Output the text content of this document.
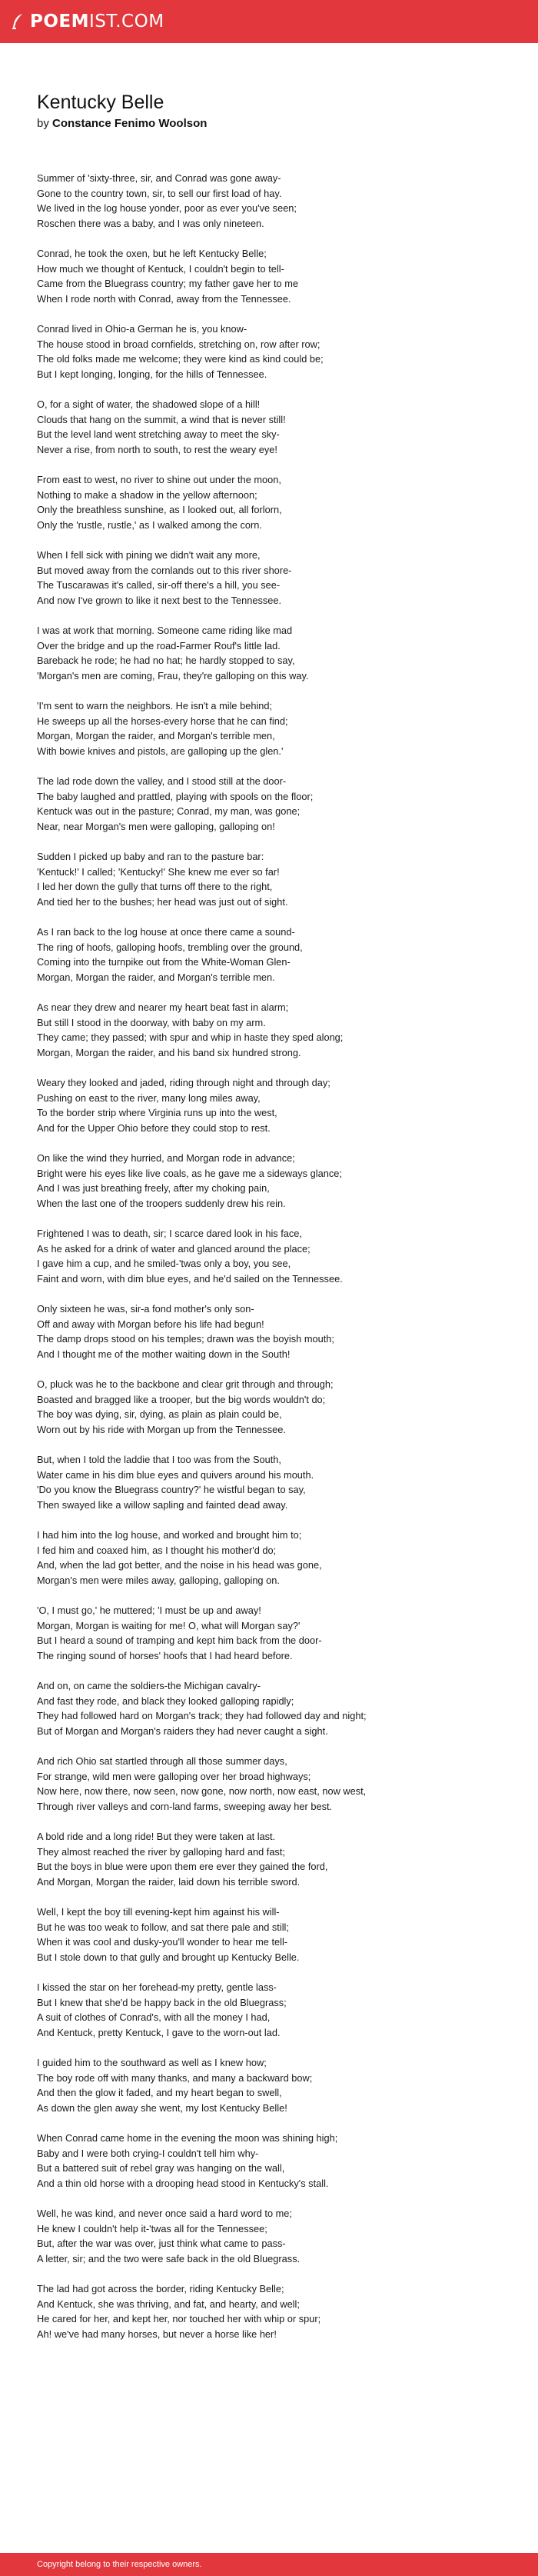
POEM IST.COM
Kentucky Belle
by Constance Fenimo Woolson
Summer of 'sixty-three, sir, and Conrad was gone away-
Gone to the country town, sir, to sell our first load of hay.
We lived in the log house yonder, poor as ever you've seen;
Roschen there was a baby, and I was only nineteen.
Conrad, he took the oxen, but he left Kentucky Belle;
How much we thought of Kentuck, I couldn't begin to tell-
Came from the Bluegrass country; my father gave her to me
When I rode north with Conrad, away from the Tennessee.
Conrad lived in Ohio-a German he is, you know-
The house stood in broad cornfields, stretching on, row after row;
The old folks made me welcome; they were kind as kind could be;
But I kept longing, longing, for the hills of Tennessee.
O, for a sight of water, the shadowed slope of a hill!
Clouds that hang on the summit, a wind that is never still!
But the level land went stretching away to meet the sky-
Never a rise, from north to south, to rest the weary eye!
From east to west, no river to shine out under the moon,
Nothing to make a shadow in the yellow afternoon;
Only the breathless sunshine, as I looked out, all forlorn,
Only the 'rustle, rustle,' as I walked among the corn.
When I fell sick with pining we didn't wait any more,
But moved away from the cornlands out to this river shore-
The Tuscarawas it's called, sir-off there's a hill, you see-
And now I've grown to like it next best to the Tennessee.
I was at work that morning. Someone came riding like mad
Over the bridge and up the road-Farmer Rouf's little lad.
Bareback he rode; he had no hat; he hardly stopped to say,
'Morgan's men are coming, Frau, they're galloping on this way.
'I'm sent to warn the neighbors. He isn't a mile behind;
He sweeps up all the horses-every horse that he can find;
Morgan, Morgan the raider, and Morgan's terrible men,
With bowie knives and pistols, are galloping up the glen.'
The lad rode down the valley, and I stood still at the door-
The baby laughed and prattled, playing with spools on the floor;
Kentuck was out in the pasture; Conrad, my man, was gone;
Near, near Morgan's men were galloping, galloping on!
Sudden I picked up baby and ran to the pasture bar:
'Kentuck!' I called; 'Kentucky!' She knew me ever so far!
I led her down the gully that turns off there to the right,
And tied her to the bushes; her head was just out of sight.
As I ran back to the log house at once there came a sound-
The ring of hoofs, galloping hoofs, trembling over the ground,
Coming into the turnpike out from the White-Woman Glen-
Morgan, Morgan the raider, and Morgan's terrible men.
As near they drew and nearer my heart beat fast in alarm;
But still I stood in the doorway, with baby on my arm.
They came; they passed; with spur and whip in haste they sped along;
Morgan, Morgan the raider, and his band six hundred strong.
Weary they looked and jaded, riding through night and through day;
Pushing on east to the river, many long miles away,
To the border strip where Virginia runs up into the west,
And for the Upper Ohio before they could stop to rest.
On like the wind they hurried, and Morgan rode in advance;
Bright were his eyes like live coals, as he gave me a sideways glance;
And I was just breathing freely, after my choking pain,
When the last one of the troopers suddenly drew his rein.
Frightened I was to death, sir; I scarce dared look in his face,
As he asked for a drink of water and glanced around the place;
I gave him a cup, and he smiled-'twas only a boy, you see,
Faint and worn, with dim blue eyes, and he'd sailed on the Tennessee.
Only sixteen he was, sir-a fond mother's only son-
Off and away with Morgan before his life had begun!
The damp drops stood on his temples; drawn was the boyish mouth;
And I thought me of the mother waiting down in the South!
O, pluck was he to the backbone and clear grit through and through;
Boasted and bragged like a trooper, but the big words wouldn't do;
The boy was dying, sir, dying, as plain as plain could be,
Worn out by his ride with Morgan up from the Tennessee.
But, when I told the laddie that I too was from the South,
Water came in his dim blue eyes and quivers around his mouth.
'Do you know the Bluegrass country?' he wistful began to say,
Then swayed like a willow sapling and fainted dead away.
I had him into the log house, and worked and brought him to;
I fed him and coaxed him, as I thought his mother'd do;
And, when the lad got better, and the noise in his head was gone,
Morgan's men were miles away, galloping, galloping on.
'O, I must go,' he muttered; 'I must be up and away!
Morgan, Morgan is waiting for me! O, what will Morgan say?'
But I heard a sound of tramping and kept him back from the door-
The ringing sound of horses' hoofs that I had heard before.
And on, on came the soldiers-the Michigan cavalry-
And fast they rode, and black they looked galloping rapidly;
They had followed hard on Morgan's track; they had followed day and night;
But of Morgan and Morgan's raiders they had never caught a sight.
And rich Ohio sat startled through all those summer days,
For strange, wild men were galloping over her broad highways;
Now here, now there, now seen, now gone, now north, now east, now west,
Through river valleys and corn-land farms, sweeping away her best.
A bold ride and a long ride! But they were taken at last.
They almost reached the river by galloping hard and fast;
But the boys in blue were upon them ere ever they gained the ford,
And Morgan, Morgan the raider, laid down his terrible sword.
Well, I kept the boy till evening-kept him against his will-
But he was too weak to follow, and sat there pale and still;
When it was cool and dusky-you'll wonder to hear me tell-
But I stole down to that gully and brought up Kentucky Belle.
I kissed the star on her forehead-my pretty, gentle lass-
But I knew that she'd be happy back in the old Bluegrass;
A suit of clothes of Conrad's, with all the money I had,
And Kentuck, pretty Kentuck, I gave to the worn-out lad.
I guided him to the southward as well as I knew how;
The boy rode off with many thanks, and many a backward bow;
And then the glow it faded, and my heart began to swell,
As down the glen away she went, my lost Kentucky Belle!
When Conrad came home in the evening the moon was shining high;
Baby and I were both crying-I couldn't tell him why-
But a battered suit of rebel gray was hanging on the wall,
And a thin old horse with a drooping head stood in Kentucky's stall.
Well, he was kind, and never once said a hard word to me;
He knew I couldn't help it-'twas all for the Tennessee;
But, after the war was over, just think what came to pass-
A letter, sir; and the two were safe back in the old Bluegrass.
The lad had got across the border, riding Kentucky Belle;
And Kentuck, she was thriving, and fat, and hearty, and well;
He cared for her, and kept her, nor touched her with whip or spur;
Ah! we've had many horses, but never a horse like her!
Copyright belong to their respective owners.
